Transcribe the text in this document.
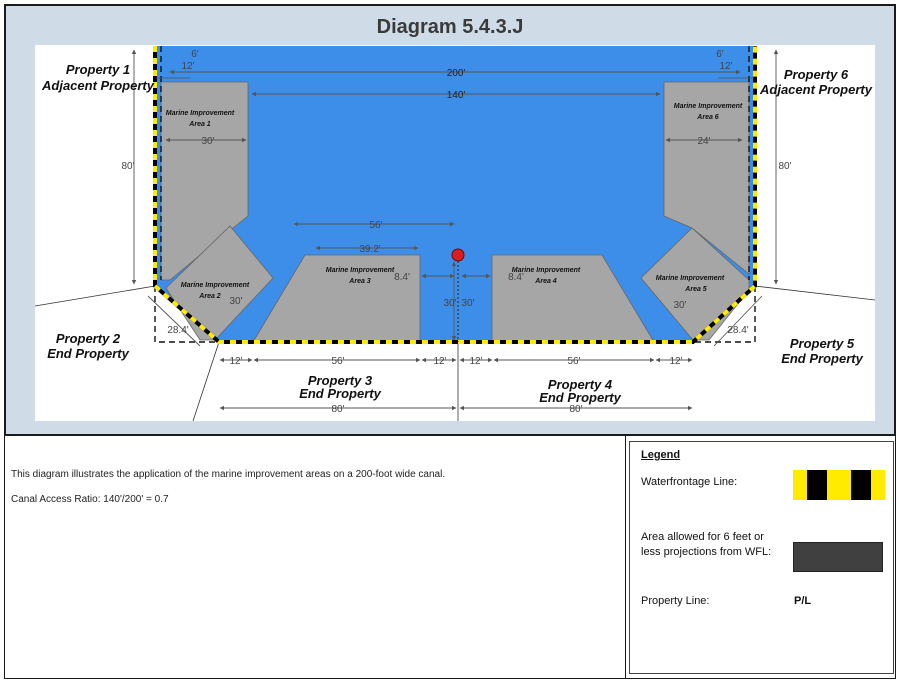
Diagram 5.4.3.J
Property 1
Adjacent Property
Property 6
Adjacent Property
Property 2
End Property
Property 5
End Property
Property 3
End Property
Property 4
End Property
Marine Improvement
Area 1
Marine Improvement
Area 2
Marine Improvement
Area 3
Marine Improvement
Area 4	Marine Improvement
Area 5
Marine Improvement
Area 6
200'
140'
6'
12'
6'
12'
80'	80'
30'	24'
56'
39.2'
8.4'	8.4'
30' 30'
30'	30'
28.4'	28.4'
12'	56'	12' 12'	56'	12'
80'	80'
This diagram illustrates the application of the marine improvement areas on a 200-foot wide canal.
Canal Access Ratio: 140'/200' = 0.7
Legend
Waterfrontage Line:
Area allowed for 6 feet or less projections from WFL:
Property Line:	P/L
